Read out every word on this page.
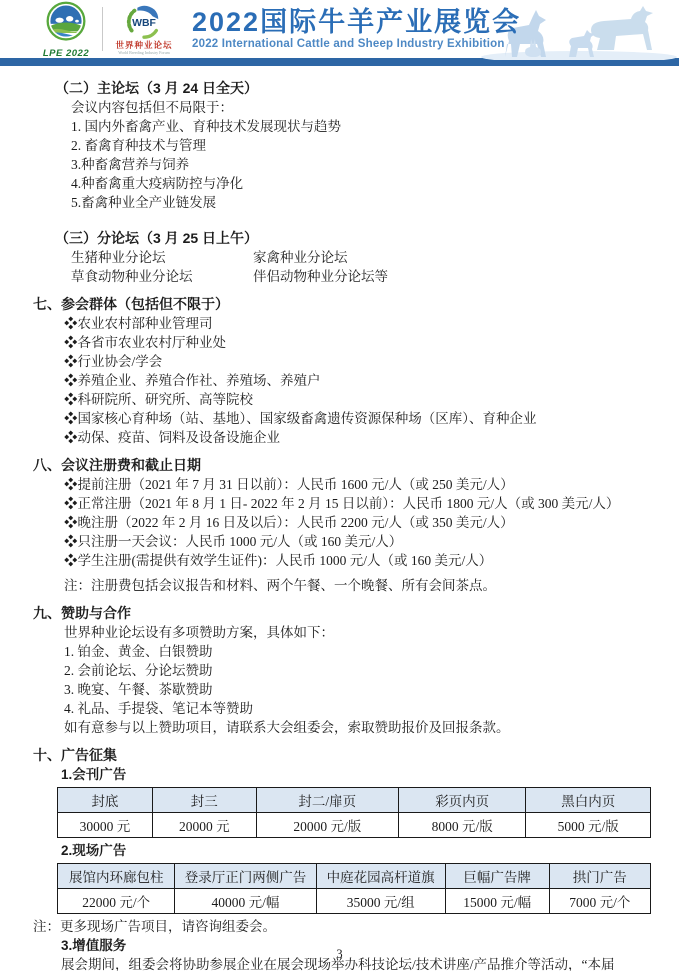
LPE 2022
WBF
世界种业论坛
World Breeding Industry Forum
2022国际牛羊产业展览会
2022 International Cattle and Sheep Industry Exhibition
（二）主论坛（3 月 24 日全天）
会议内容包括但不局限于：
1. 国内外畜禽产业、育种技术发展现状与趋势
2. 畜禽育种技术与管理
3.种畜禽营养与饲养
4.种畜禽重大疫病防控与净化
5.畜禽种业全产业链发展
（三）分论坛（3 月 25 日上午）
生猪种业分论坛	家禽种业分论坛
草食动物种业分论坛	伴侣动物种业分论坛等
七、参会群体（包括但不限于）
❖农业农村部种业管理司
❖各省市农业农村厅种业处
❖行业协会/学会
❖养殖企业、养殖合作社、养殖场、养殖户
❖科研院所、研究所、高等院校
❖国家核心育种场（站、基地）、国家级畜禽遗传资源保种场（区库）、育种企业
❖动保、疫苗、饲料及设备设施企业
八、会议注册费和截止日期
❖提前注册（2021 年 7 月 31 日以前）：人民币 1600 元/人（或 250 美元/人）
❖正常注册（2021 年 8 月 1 日- 2022 年 2 月 15 日以前）：人民币 1800 元/人（或 300 美元/人）
❖晚注册（2022 年 2 月 16 日及以后）：人民币 2200 元/人（或 350 美元/人）
❖只注册一天会议：人民币 1000 元/人（或 160 美元/人）
❖学生注册(需提供有效学生证件)：人民币 1000 元/人（或 160 美元/人）
注：注册费包括会议报告和材料、两个午餐、一个晚餐、所有会间茶点。
九、赞助与合作
世界种业论坛设有多项赞助方案，具体如下：
1. 铂金、黄金、白银赞助
2. 会前论坛、分论坛赞助
3. 晚宴、午餐、茶歇赞助
4. 礼品、手提袋、笔记本等赞助
如有意参与以上赞助项目，请联系大会组委会，索取赞助报价及回报条款。
十、广告征集
1.会刊广告
封底	封三	封二/扉页	彩页内页	黑白内页
30000 元	20000 元	20000 元/版	8000 元/版	5000 元/版
2.现场广告
展馆内环廊包柱	登录厅正门两侧广告	中庭花园高杆道旗	巨幅广告牌	拱门广告
22000 元/个	40000 元/幅	35000 元/组	15000 元/幅	7000 元/个
注：更多现场广告项目，请咨询组委会。
3.增值服务
展会期间，组委会将协助参展企业在展会现场举办科技论坛/技术讲座/产品推介等活动，“本届
3
